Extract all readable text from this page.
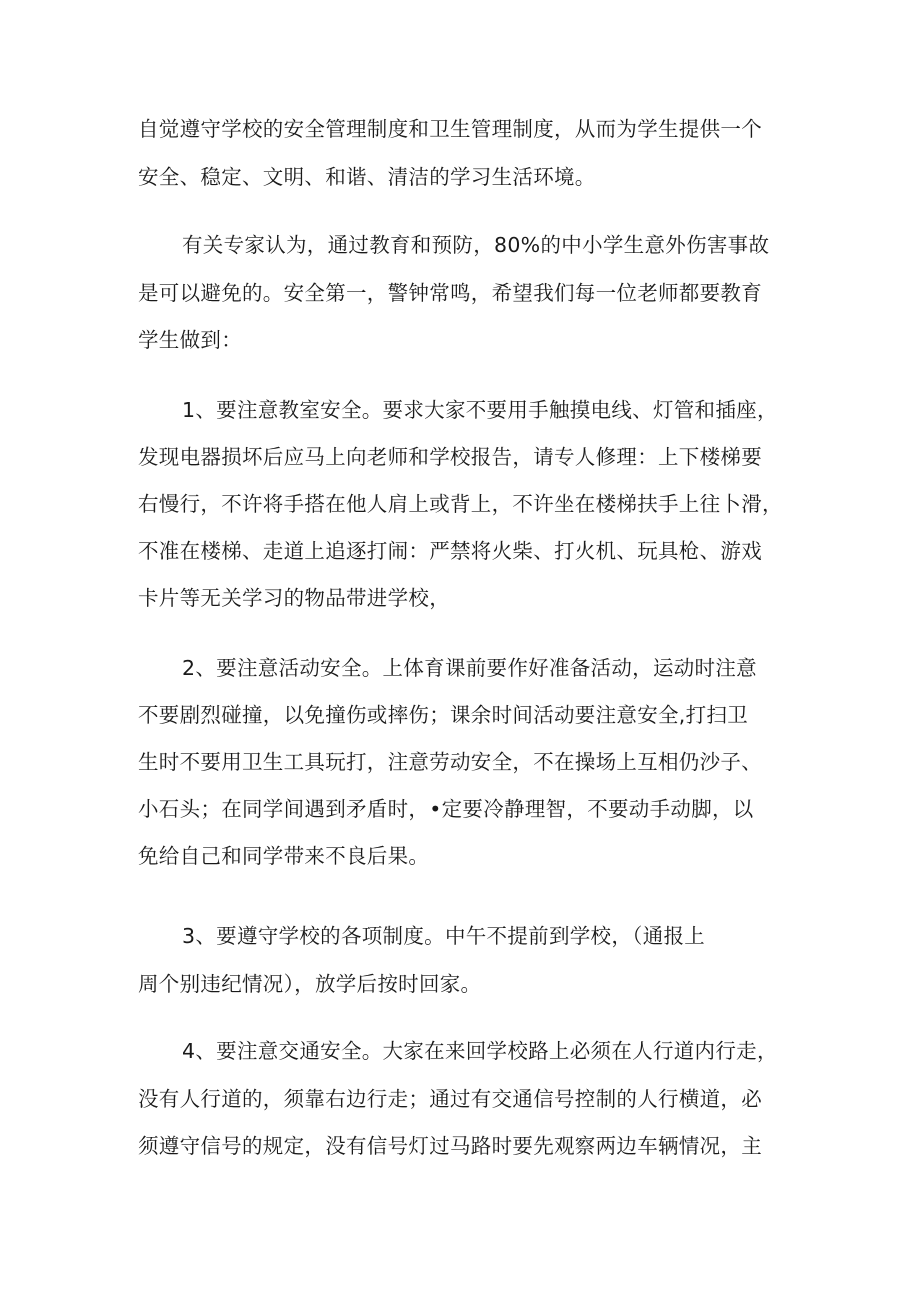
自觉遵守学校的安全管理制度和卫生管理制度，从而为学生提供一个
安全、稳定、文明、和谐、清洁的学习生活环境。
有关专家认为，通过教育和预防，80%的中小学生意外伤害事故
是可以避免的。安全第一，警钟常鸣，希望我们每一位老师都要教育
学生做到：
1、要注意教室安全。要求大家不要用手触摸电线、灯管和插座，
发现电器损坏后应马上向老师和学校报告，请专人修理：上下楼梯要
右慢行，不许将手搭在他人肩上或背上，不许坐在楼梯扶手上往卜滑，
不准在楼梯、走道上追逐打闹：严禁将火柴、打火机、玩具枪、游戏
卡片等无关学习的物品带进学校，
2、要注意活动安全。上体育课前要作好准备活动，运动时注意
不要剧烈碰撞，以免撞伤或摔伤；课余时间活动要注意安全,打扫卫
生时不要用卫生工具玩打，注意劳动安全，不在操场上互相仍沙子、
小石头；在同学间遇到矛盾时，•定要冷静理智，不要动手动脚，以
免给自己和同学带来不良后果。
3、要遵守学校的各项制度。中午不提前到学校，（通报上
周个别违纪情况），放学后按时回家。
4、要注意交通安全。大家在来回学校路上必须在人行道内行走，
没有人行道的，须靠右边行走；通过有交通信号控制的人行横道，必
须遵守信号的规定，没有信号灯过马路时要先观察两边车辆情况，主
